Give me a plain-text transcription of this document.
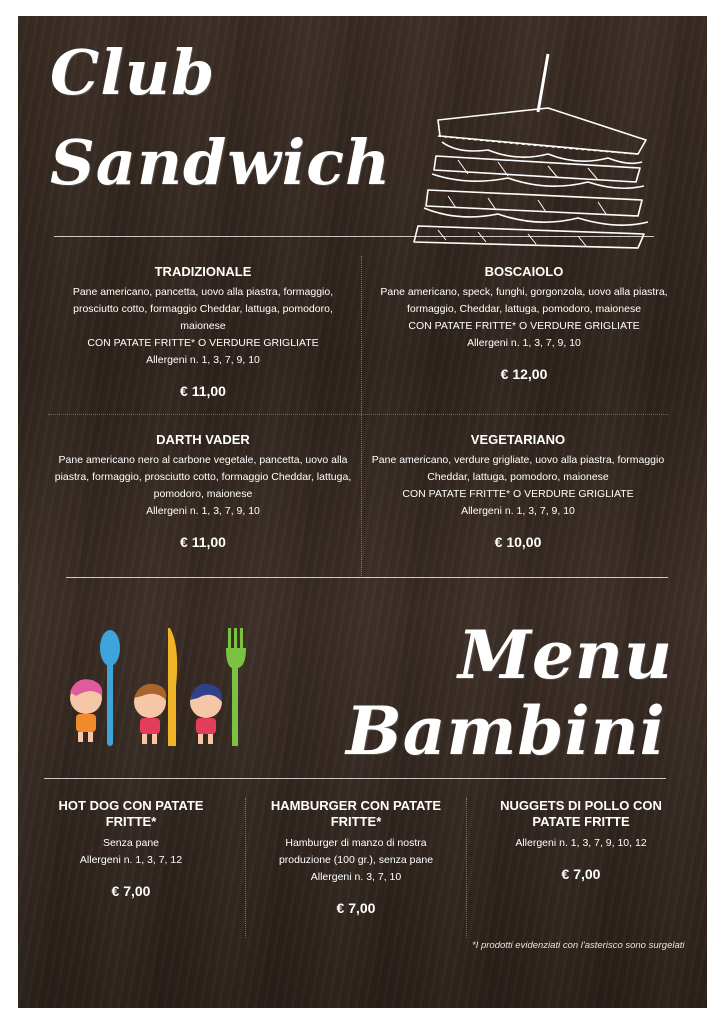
Club
Sandwich
TRADIZIONALE
Pane americano, pancetta, uovo alla piastra, formaggio,
prosciutto cotto, formaggio Cheddar, lattuga, pomodoro,
maionese
CON PATATE FRITTE* O VERDURE GRIGLIATE
Allergeni n. 1, 3, 7, 9, 10
€ 11,00
BOSCAIOLO
Pane americano, speck, funghi, gorgonzola, uovo alla piastra,
formaggio, Cheddar, lattuga, pomodoro, maionese
CON PATATE FRITTE* O VERDURE GRIGLIATE
Allergeni n. 1, 3, 7, 9, 10
€ 12,00
DARTH VADER
Pane americano nero al carbone vegetale, pancetta, uovo alla
piastra, formaggio, prosciutto cotto, formaggio Cheddar, lattuga,
pomodoro, maionese
Allergeni n. 1, 3, 7, 9, 10
€ 11,00
VEGETARIANO
Pane americano, verdure grigliate, uovo alla piastra, formaggio
Cheddar, lattuga, pomodoro, maionese
CON PATATE FRITTE* O VERDURE GRIGLIATE
Allergeni n. 1, 3, 7, 9, 10
€ 10,00
Menu
Bambini
HOT DOG CON PATATE
FRITTE*
Senza pane
Allergeni n. 1, 3, 7, 12
€ 7,00
HAMBURGER CON PATATE
FRITTE*
Hamburger di manzo di nostra
produzione (100 gr.), senza pane
Allergeni n. 3, 7, 10
€ 7,00
NUGGETS DI POLLO CON
PATATE FRITTE
Allergeni n. 1, 3, 7, 9, 10, 12
€ 7,00
*I prodotti evidenziati con l'asterisco sono surgelati
